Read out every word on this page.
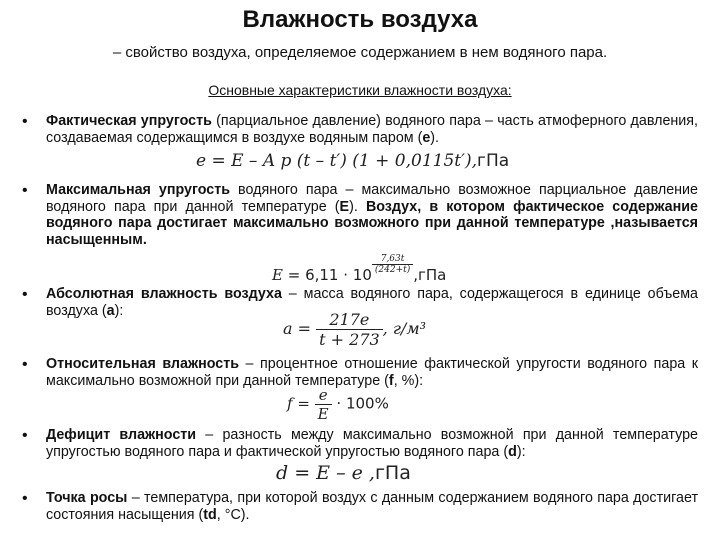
Влажность воздуха
– свойство воздуха, определяемое содержанием в нем водяного пара.
Основные характеристики влажности воздуха:
• Фактическая упругость (парциальное давление) водяного пара – часть атмоферного давления, создаваемая содержащимся в воздухе водяным паром (e).
e = E – A p (t – t′) (1 + 0,0115t′),гПа
• Максимальная упругость водяного пара – максимально возможное парциальное давление водяного пара при данной температуре (E). Воздух, в котором фактическое содержание водяного пара достигает максимально возможного при данной температуре ,называется насыщенным.
E = 6,11 · 10 $^{\frac{7,63t}{(242+t)}}$ ,гПа
• Абсолютная влажность воздуха – масса водяного пара, содержащегося в единице объема воздуха (a):
$a = \frac{217e}{t + 273}$ , г/м³
• Относительная влажность – процентное отношение фактической упругости водяного пара к максимально возможной при данной температуре (f, %):
$f = \frac{e}{E} \cdot 100\%$
• Дефицит влажности – разность между максимально возможной при данной температуре упругостью водяного пара и фактической упругостью водяного пара (d):
d = E – e ,гПа
• Точка росы – температура, при которой воздух с данным содержанием водяного пара достигает состояния насыщения (td, °С).
